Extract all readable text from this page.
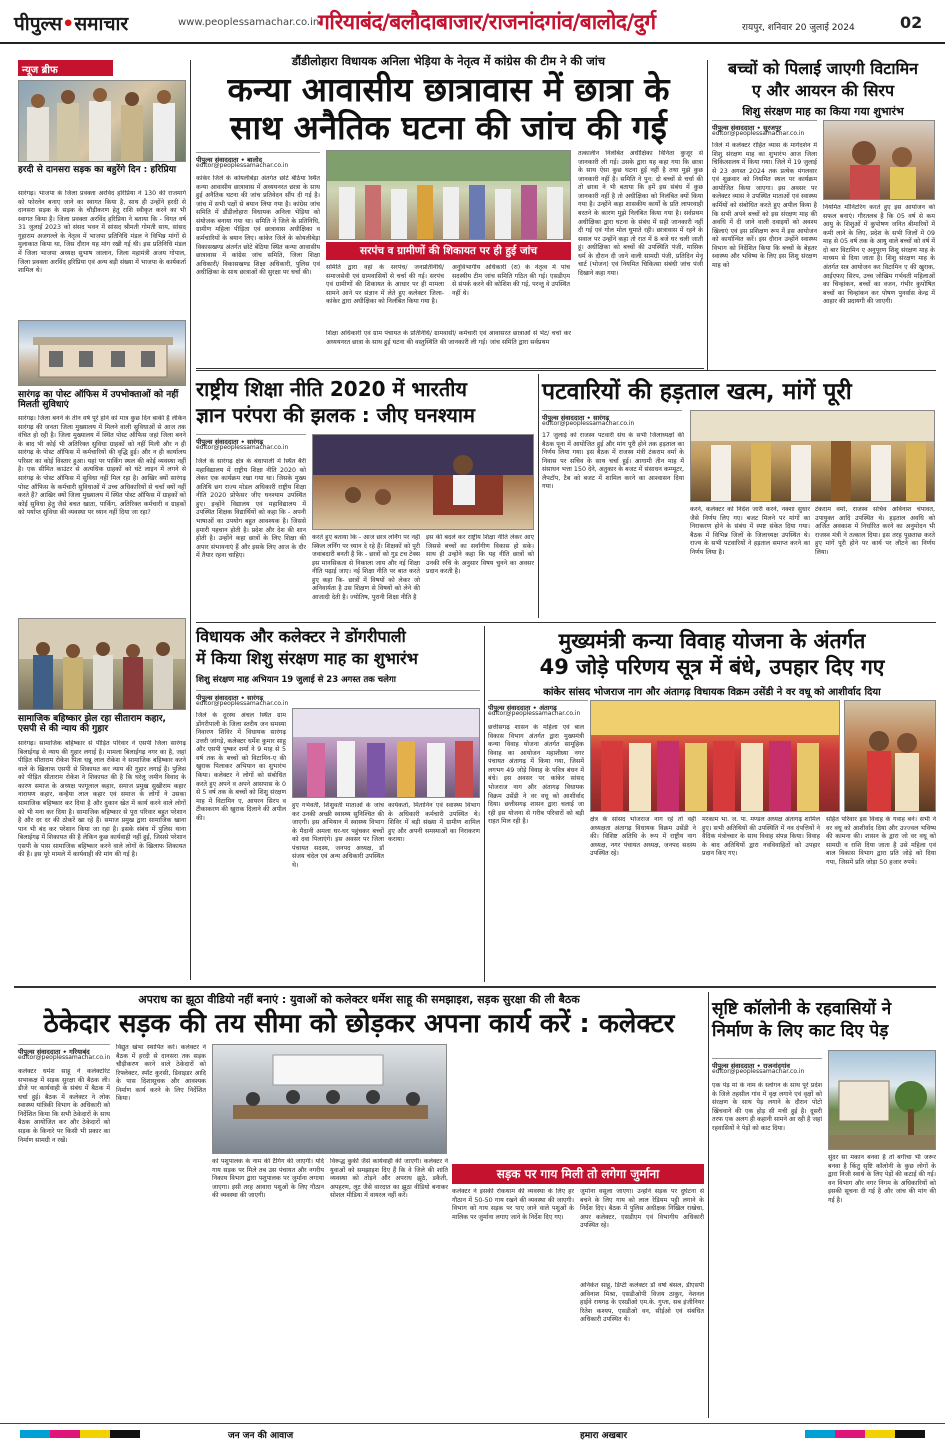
पीपुल्स•समाचार	www.peoplessamachar.co.in
गरियाबंद/बलौदाबाजार/राजनांदगांव/बालोद/दुर्ग	रायपुर, शनिवार 20 जुलाई 2024	02
न्यूज ब्रीफ
हरदी से दानसरा सड़क का बहुरेंगे दिन : हरिप्रिया
सारंगढ़। भाजपा के जिला प्रवक्ता अरविंद हरिप्रिया ने 130 की राजमार्ग को फोरलेन बनाए जाने का स्वागत किया है, साथ ही उन्होंने हरदी से दानसरा सड़क के सड़क के चौड़ीकरण हेतु राशि स्वीकृत करने का भी स्वागत किया है। जिला प्रवक्ता अरविंद हरिप्रिया ने बताया कि - विगत वर्ष 31 जुलाई 2023 को संसद भवन में सांसद श्रीमती गोमती साय, सांसद गुहाराम अजगल्ले के नेतृत्व में भाजपा प्रतिनिधि मंडल ने विभिन्न मांगों से मुलाकात किया था, जिस दौरान यह मांग रखी गई थी। इस प्रतिनिधि मंडल में जिला भाजपा अध्यक्ष सुभाष जालान, जिला महामंत्री अजय गोपाल, जिला प्रवक्ता अरविंद हरिप्रिया एवं अन्य बड़ी संख्या में भाजपा के कार्यकर्ता शामिल थे।
सारंगढ़ का पोस्ट ऑफिस में उपभोक्ताओं को नहीं मिलती सुविधाएं
सारंगढ़। जिला बनने के तीन वर्ष पूरे होने को मात्र कुछ दिन बाकी है लेकिन सारंगढ़ की जनता जिला मुख्यालय में मिलने वाली सुविधाओं से आज तक वंचित हो रही है। जिला मुख्यालय में स्थित पोस्ट ऑफिस जहां जिला बनने के बाद भी कोई भी अतिरिक्त सुविधा ग्राहकों को नहीं मिली और न ही सारंगढ़ के पोस्ट ऑफिस में कर्मचारियों की वृद्धि हुई। और न ही कार्यालय परिसर का कोई विस्तार हुआ। यहां पर पार्किंग स्थल की कोई व्यवस्था नहीं है। एक सीमित काउंटर से अत्यधिक ग्राहकों को घंटे लाइन में लगने से सारंगढ़ के पोस्ट ऑफिस में सुविधा नहीं मिल रहा है। आखिर क्यों सारंगढ़ पोस्ट ऑफिस के कर्मचारी सुविधाओं में उच्च अधिकारियों से चर्चा क्यों नहीं करते हैं? आखिर क्यों जिला मुख्यालय में स्थित पोस्ट ऑफिस में ग्राहकों को कोई सुविधा हेतु जैसे बचत खाता, पार्किंग, अतिरिक्त कर्मचारी व ग्राहकों को पर्याप्त सुविधा की व्यवस्था पर ध्यान नहीं दिया जा रहा?
सामाजिक बहिष्कार झेल रहा सीताराम कहार, एसपी से की न्याय की गुहार
सारंगढ़। सामाजिक बहिष्कार से पीड़ित परिवार ने एसपी जिला सारंगढ़ बिलाईगढ़ से न्याय की गुहार लगाई है। मामला बिलाईगढ़ नगर का है, जहां पीड़ित सीताराम रोकेश पिता धन्नू लाल रोकेश ने सामाजिक बहिष्कार करने वाले के खिलाफ एसपी से शिकायत कर न्याय की गुहार लगाई है। पुलिस को पीड़ित सीताराम रोकेश ने शिकायत की है कि घरेलू जमीन विवाद के कारण समाज के अध्यक्ष फागूलाल कहार, समाज प्रमुख सुखीराम कहार नारायण कहार, कन्हैया लाल कहार एवं समाज के लोगों ने उसका सामाजिक बहिष्कार कर दिया है और दुकान खेत में कार्य करने वाले लोगों को भी मना कर दिया है। सामाजिक बहिष्कार से पूरा परिवार बहुत परेशान है और दर दर की ठोकरें खा रहे हैं। समाज प्रमुख द्वारा सामाजिक खाना पान भी बंद कर परेशान किया जा रहा है। इसके संबंध में पुलिस थाना बिलाईगढ़ में शिकायत की है लेकिन कुछ कार्यवाही नहीं हुई, जिससे परेशान एसपी के पास सामाजिक बहिष्कार करने वाले लोगों के खिलाफ शिकायत की है। इस पूरे मामले में कार्यवाही की मांग की गई है।
डौंडीलोहारा विधायक अनिला भेड़िया के नेतृत्व में कांग्रेस की टीम ने की जांच
कन्या आवासीय छात्रावास में छात्रा के
साथ अनैतिक घटना की जांच की गई
पीपुल्स संवाददाता • बालोद
editor@peoplessamachar.co.in
कांकेर जिले के कोयलीबेड़ा अंतर्गत छोटे बेठिया स्थित कन्या आवासीय छात्रावास में अध्ययनरत छात्रा के साथ हुई अनैतिक घटना की जांच प्रतिवेदन सौंप दी गई है। जांच में सभी पक्षों से बयान लिया गया है। कांग्रेस जांच समिति में डौंडीलोहारा विधायक अनिला भेड़िया को संयोजक बनाया गया था। समिति ने जिले के प्रतिनिधि, ग्रामीण महिला पीड़िता एवं छात्रावास अधीक्षिका व कर्मचारियों के बयान लिए। कांकेर जिले के कोयलीबेड़ा विकासखण्ड अंतर्गत छोटे बेठिया स्थित कन्या आवासीय छात्रावास में कांग्रेस जांच समिति, जिला शिक्षा अधिकारी/ विकासखण्ड शिक्षा अधिकारी, पुलिस एवं अधीक्षिका के साथ छात्राओं की सुरक्षा पर चर्चा की।
सरपंच व ग्रामीणों की शिकायत पर ही हुई जांच
समिति द्वारा वहां के सरपंच/ जनप्रतिनिधि/ समाजसेवी एवं ग्रामवासियों से चर्चा की गई। सरपंच एवं ग्रामीणों की शिकायत के आधार पर ही मामला सामने आने पर संज्ञान में लेते हुए कलेक्टर जिला-कांकेर द्वारा अधीक्षिका को निलंबित किया गया है।
अनुविभागीय अधिकारी (रा) के नेतृत्व में पांच सदस्यीय टीम जांच समिति गठित की गई। एसडीएम से संपर्क करने की कोशिश की गई, परन्तु वे उपस्थित नहीं थे।
शिक्षा अधिकारी एवं ग्राम पंचायत के प्रतिनिधि/ ग्रामवासी/ कर्मचारी एवं आवासरत छात्राओं से भेंट/ चर्चा कर अध्ययनरत छात्रा के साथ हुई घटना की वस्तुस्थिति की जानकारी ली गई। जांच समिति द्वारा सर्वप्रथम
तत्कालीन निलंबित अधीक्षिका विनिता कुजूर से जानकारी ली गई। उसके द्वारा यह कहा गया कि छात्रा के साथ ऐसा कुछ घटना हुई नहीं है तथा मुझे कुछ जानकारी नहीं है। समिति ने पुन: दो बच्चों से चर्चा की तो छात्रा ने भी बताया कि हमें इस संबंध में कुछ जानकारी नहीं है तो अधीक्षिका को निलंबित क्यों किया गया है। उन्होंने कहा शासकीय कार्यों के प्रति लापरवाही बरतने के कारण मुझे निलंबित किया गया है। सर्वप्रथम अधीक्षिका द्वारा घटना के संबंध में सही जानकारी नहीं दी गई एवं गोल मोल घुमाते रही। छात्रावास में रहने के सवाल पर उन्होंने कहा तो रात में 8 बजे घर चली जाती हूं। अधीक्षिका को बच्चों की उपस्थिति पंजी, मासिक धर्म के दौरान दी जाने वाली सामग्री पंजी, प्रतिदिन मेनू चार्ट (भोजन) एवं नियमित चिकित्सा संबंधी जांच पंजी दिखाने कहा गया।
बच्चों को पिलाई जाएगी विटामिन
ए और आयरन की सिरप
शिशु संरक्षण माह का किया गया शुभारंभ
पीपुल्स संवाददाता • सूरजपुर
editor@peoplessamachar.co.in
जिले में कलेक्टर रोहित व्यास के मार्गदर्शन में शिशु संरक्षण माह का शुभारंभ आज जिला चिकित्सालय में किया गया। जिले में 19 जुलाई से 23 अगस्त 2024 तक प्रत्येक मंगलवार एवं शुक्रवार को नियमित स्थल पर कार्यक्रम आयोजित किया जाएगा। इस अवसर पर कलेक्टर व्यास ने उपस्थित माताओं एवं स्वास्थ्य कर्मियों को संबोधित करते हुए अपील किया है कि सभी अपने बच्चों को इस संरक्षण माह की अवधि में दी जाने वाली दवाइयों को अवश्य खिलाएं एवं इस प्रशिक्षण रूप में इस आयोजन को कार्यान्वित करें। इस दौरान उन्होंने स्वास्थ्य विभाग को निर्देशित किया कि बच्चों के बेहतर स्वास्थ्य और भविष्य के लिए इस शिशु संरक्षण माह को
नियमित मॉनिटरिंग करते हुए इस आयोजन को सफल बनाएं। गौरतलब है कि 05 वर्ष से कम आयु के शिशुओं में कुपोषण जनित बीमारियों में कमी लाने के लिए, प्रदेश के सभी जिलों में 09 माह से 05 वर्ष तक के आयु वाले बच्चों को वर्ष में दो बार विटामिन ए अनुपूरण शिशु संरक्षण माह के माध्यम से दिया जाता है। शिशु संरक्षण माह के अंतर्गत सत्र आयोजन कर विटामिन ए की खुराक, आईएफए सिरप, उच्च जोखिम गर्भवती महिलाओं का चिन्हांकन, बच्चों का वजन, गंभीर कुपोषित बच्चों का चिन्हांकन कर पोषण पुनर्वास केन्द्र में आहार की प्रदायगी की जाएगी।
राष्ट्रीय शिक्षा नीति 2020 में भारतीय
ज्ञान परंपरा की झलक : जीए घनश्याम
पीपुल्स संवाददाता • सारंगढ़
editor@peoplessamachar.co.in
जिले के सारंगढ़ क्षेत्र के बंधापाली में स्थित बैरी महाविद्यालय में राष्ट्रीय शिक्षा नीति 2020 को लेकर एक कार्यक्रम रखा गया था। जिसके मुख्य अतिथि छग राज्य मोडल अधिकारी राष्ट्रीय शिक्षा नीति 2020 प्रोफेसर जीए घनश्याम उपस्थित हुए। इन्होंने विद्यालय एवं महाविद्यालय में उपस्थित शिक्षक विद्यार्थियों को कहा कि - अपनी भाषाओं का उपयोग बहुत आवश्यक है। जिससे हमारी पहचान होती है। प्रदेश और देश की शान होती है। उन्होंने कहा छात्रों के लिए शिक्षा की अपार संभावनाएं हैं और इसके लिए आज के दौर में तैयार रहना चाहिए।
करते हुए बताया कि - आज छात्र लर्निंग पर नहीं स्किल लर्निंग पर ध्यान दे रहे हैं। शिक्षकों को पूरी जवाबदारी बनती है कि - छात्रों को गुड टच टेक्स इस मानसिकता से निकाला जाय और नई शिक्षा नीति पढ़ाई जाए। नई शिक्षा नीति पर बात करते हुए कहा कि- छात्रों में विषयों को लेकर जो अनिवार्यता है उस शिक्षण से विषयों को लेने की आजादी देती है। ज्योतिष, पुरानी शिक्षा नीति है
इस की बदले कर राष्ट्रीय शिक्षा नीति लेकर आए जिससे बच्चों का सर्वांगीण विकास हो सके। साथ ही उन्होंने कहा कि यह नीति छात्रों को उनकी रुचि के अनुसार विषय चुनने का अवसर प्रदान करती है।
पटवारियों की हड़ताल खत्म, मांगें पूरी
पीपुल्स संवाददाता • सारंगढ़
editor@peoplessamachar.co.in
17 जुलाई को राजस्व पटवारी संघ के सभी जिलाध्यक्षों की बैठक पूना में आयोजित हुई और मांग पूरी होने तक हड़ताल का निर्णय लिया गया। इस बैठक में राजस्व मंत्री टंकराम वर्मा के निवास पर सचिव के साथ चर्चा हुई। आगामी तीन माह में संसाधन भत्ता 150 देने, अतुकार के बजट में संसाधन कम्प्यूटर, लैपटॉप, टैब को बजट में शामिल करने का आश्वासन दिया गया।
करने, कलेक्टर को निर्देश जारी करने, नक्शा सुधार जैसे निर्णय लिए गए। बजट मिलने पर मांगों का निराकरण होने के संबंध में स्पष्ट संकेत दिया गया। बैठक में विभिन्न जिलों के जिलाध्यक्ष उपस्थित थे। राज्य के सभी पटवारियों ने हड़ताल समाप्त करने का निर्णय लिया है।
टंकराम वर्मा, राजस्व सचिव अविनाश चंपावत, उपायुक्त आदि उपस्थित थे। हड़ताल अवधि को अर्जित अवकाश में निर्धारित करने का अनुमोदन भी राजस्व मंत्री ने तत्काल दिया। इस तरह पूछताछ करते हुए मांगें पूरी होने पर कार्य पर लौटने का निर्णय लिया।
विधायक और कलेक्टर ने डोंगरीपाली
में किया शिशु संरक्षण माह का शुभारंभ
शिशु संरक्षण माह अभियान 19 जुलाई से 23 अगस्त तक चलेगा
पीपुल्स संवाददाता • सारंगढ़
editor@peoplessamachar.co.in
जिले के दूरस्थ अंचल स्थित ग्राम डोंगरीपाली के जिला स्तरीय जन समस्या निवारण शिविर में विधायक सारंगढ़ उत्तरी जांगड़े, कलेक्टर धर्मेश कुमार साहू और एसपी पुष्कर शर्मा ने 9 माह से 5 वर्ष तक के बच्चों को विटामिन-ए की खुराक पिलाकर अभियान का शुभारंभ किया। कलेक्टर ने लोगों को संबोधित करते हुए अपने व अपने आसपास के 0 से 5 वर्ष तक के बच्चों को शिशु संरक्षण माह में विटामिन ए, आयरन सिरप व टीकाकरण की खुराक दिलाने की अपील की।
हुए गर्भवती, शिशुवती माताओं के जांच कर उनकी अच्छी स्वास्थ्य सुनिश्चित की जाएगी। इस अभियान में स्वास्थ्य विभाग के मैदानी अमला घर-घर पहुंचकर बच्चों को दवा पिलाएंगे। इस अवसर पर जिला पंचायत सदस्य, जनपद अध्यक्ष, डॉ संजय चंदेल एवं अन्य अधिकारी उपस्थित थे।
कार्यकर्ता, मितानिन एवं स्वास्थ्य विभाग के अधिकारी कर्मचारी उपस्थित थे। शिविर में बड़ी संख्या में ग्रामीण शामिल हुए और अपनी समस्याओं का निराकरण कराया।
मुख्यमंत्री कन्या विवाह योजना के अंतर्गत
49 जोड़े परिणय सूत्र में बंधे, उपहार दिए गए
कांकेर सांसद भोजराज नाग और अंतागढ़ विधायक विक्रम उसेंडी ने वर वधू को आशीर्वाद दिया
पीपुल्स संवाददाता • अंतागढ़
editor@peoplessamachar.co.in
छत्तीसगढ़ शासन के महिला एवं बाल विकास विभाग अंतर्गत द्वारा मुख्यमंत्री कन्या विवाह योजना अंतर्गत सामूहिक विवाह का आयोजन महाशीघ्र्या नगर पंचायत अंतागढ़ में किया गया, जिसमें लगभग 49 जोड़े विवाह के पवित्र बंधन में बंधे। इस अवसर पर कांकेर सांसद भोजराज नाग और अंतागढ़ विधायक विक्रम उसेंडी ने वर वधू को आशीर्वाद दिया। छत्तीसगढ़ शासन द्वारा चलाई जा रही इस योजना से गरीब परिवारों को बड़ी राहत मिल रही है।	क्षेत्र के सांसद भोजराज नाग रहे तो वहीं अध्यक्षता अंतागढ़ विधायक विक्रम उसेंडी ने की। विशिष्ट अतिथि के रूप में राष्ट्रीय नाग अध्यक्ष, नगर पंचायत अध्यक्ष, जनपद सदस्य उपस्थित रहे।
मरकाम भा. ज. पा. मण्डल अध्यक्ष अंतागढ़ शामिल हुए। सभी अतिथियों की उपस्थिति में नव दंपत्तियों ने वैदिक मंत्रोच्चार के साथ विवाह संपन्न किया। विवाह के बाद अतिथियों द्वारा नवविवाहितों को उपहार प्रदान किए गए।
सहित परिवार इस विवाह के गवाह बने। सभी ने वर वधू को आशीर्वाद दिया और उज्ज्वल भविष्य की कामना की। शासन के द्वारा जो वर वधू को सामग्री व राशि दिया जाता है उसे महिला एवं बाल विकास विभाग द्वारा प्रति जोड़े को दिया गया, जिसमें प्रति जोड़ा 50 हजार रुपये।
अपराध का झूठा वीडियो नहीं बनाएं : युवाओं को कलेक्टर धर्मेश साहू की समझाइश, सड़क सुरक्षा की ली बैठक
ठेकेदार सड़क की तय सीमा को छोड़कर अपना कार्य करें : कलेक्टर
पीपुल्स संवाददाता • गरियाबंद
editor@peoplessamachar.co.in
कलेक्टर धर्मेश साहू ने कलेक्टोरेट सभाकक्ष में सड़क सुरक्षा की बैठक ली। डीजे पर कार्यवाही के संबंध में बैठक में चर्चा हुई। बैठक में कलेक्टर ने लोक स्वास्थ्य यांत्रिकी विभाग के अधिकारी को निर्देशित किया कि सभी ठेकेदारों के साथ बैठक आयोजित कर और ठेकेदारों को सड़क के किनारे पर किसी भी प्रकार का निर्माण सामग्री न रखें।
विद्युत खंभा स्थापित करें। कलेक्टर ने बैठक में हरदी से दानसरा तक सड़क चौड़ीकरण करने वाले ठेकेदारों को रिफ्लेक्टर, स्पॉट कुरसी, डिवाइडर आदि के पास दिशासूचक और आवश्यक निर्माण कार्य करने के लिए निर्देशित किया।
को पशुपालक के नाम की टैगिंग की जाएगी। यदि गाय सड़क पर मिले तब उस पंचायत और नगरीय निकाय विभाग द्वारा पशुपालक पर जुर्माना लगाया जाएगा। इसी तरह आवारा पशुओं के लिए गौठान की व्यवस्था की जाएगी।
विरूद्ध कुर्की जैसे कार्यवाही की जाएगी। कलेक्टर ने युवाओं को समझाइश दिए हैं कि वे जिले की शांति व्यवस्था को तोड़ने और अपराध झूठे, डकैती, अपहरण, लूट जैसे वारदात का झूठा वीडियो बनाकर सोशल मीडिया में वायरल नहीं करें।
सड़क पर गाय मिली तो लगेगा जुर्माना
कलेक्टर ने इसकी रोकथाम की व्यवस्था के लिए हर गौठान में 50-50 गाय रखने की व्यवस्था की जाएगी। विभाग को गाय सड़क पर पाए जाने वाले पशुओं के मालिक पर जुर्माना लगाए जाने के निर्देश दिए गए।
जुर्माना वसूला जाएगा। उन्होंने सड़क पर दुर्घटना से बचने के लिए गाय को लाल रेडियम पट्टी लगाने के निर्देश दिए। बैठक में पुलिस अधीक्षक निखिल राखेचा, अपर कलेक्टर, एसडीएम एवं विभागीय अधिकारी उपस्थित रहे।
अनिकेत साहू, डिप्टी कलेक्टर डॉ वर्षा बंसल, डीएसपी अविनाश मिश्रा, एसडीओपी विजय ठाकुर, नेशनल हाईवे रायगढ़ के एसडीओ एम.के. गुप्ता, सब इंजीनियर रितेश कश्यप, एसडीओ वन, सीईओ एवं संबंधित अधिकारी उपस्थित थे।
सृष्टि कॉलोनी के रहवासियों ने
निर्माण के लिए काट दिए पेड़
पीपुल्स संवाददाता • राजनांदगांव
editor@peoplessamachar.co.in
एक पेड़ मां के नाम के स्लोगन के साथ पूरे प्रदेश के जिले तहसील गांव में वृक्ष लगाने एवं वृक्षों को संरक्षण के साथ पेड़ लगाने के दौरान पोटो खिंचवाने की एक होड़ सी मची हुई है। दूसरी तरफ एक अलग ही कहानी सामने आ रही है जहां रहवासियों ने पेड़ों को काट दिया।
सुंदर सा मकान बनवा है तो बगीचा भी जरूर बनवा है किंतु सृष्टि कॉलोनी के कुछ लोगों के द्वारा निजी स्वार्थ के लिए पेड़ों की कटाई की गई। वन विभाग और नगर निगम के अधिकारियों को इसकी सूचना दी गई है और जांच की मांग की गई है।
जन जन की आवाज	हमारा अखबार
